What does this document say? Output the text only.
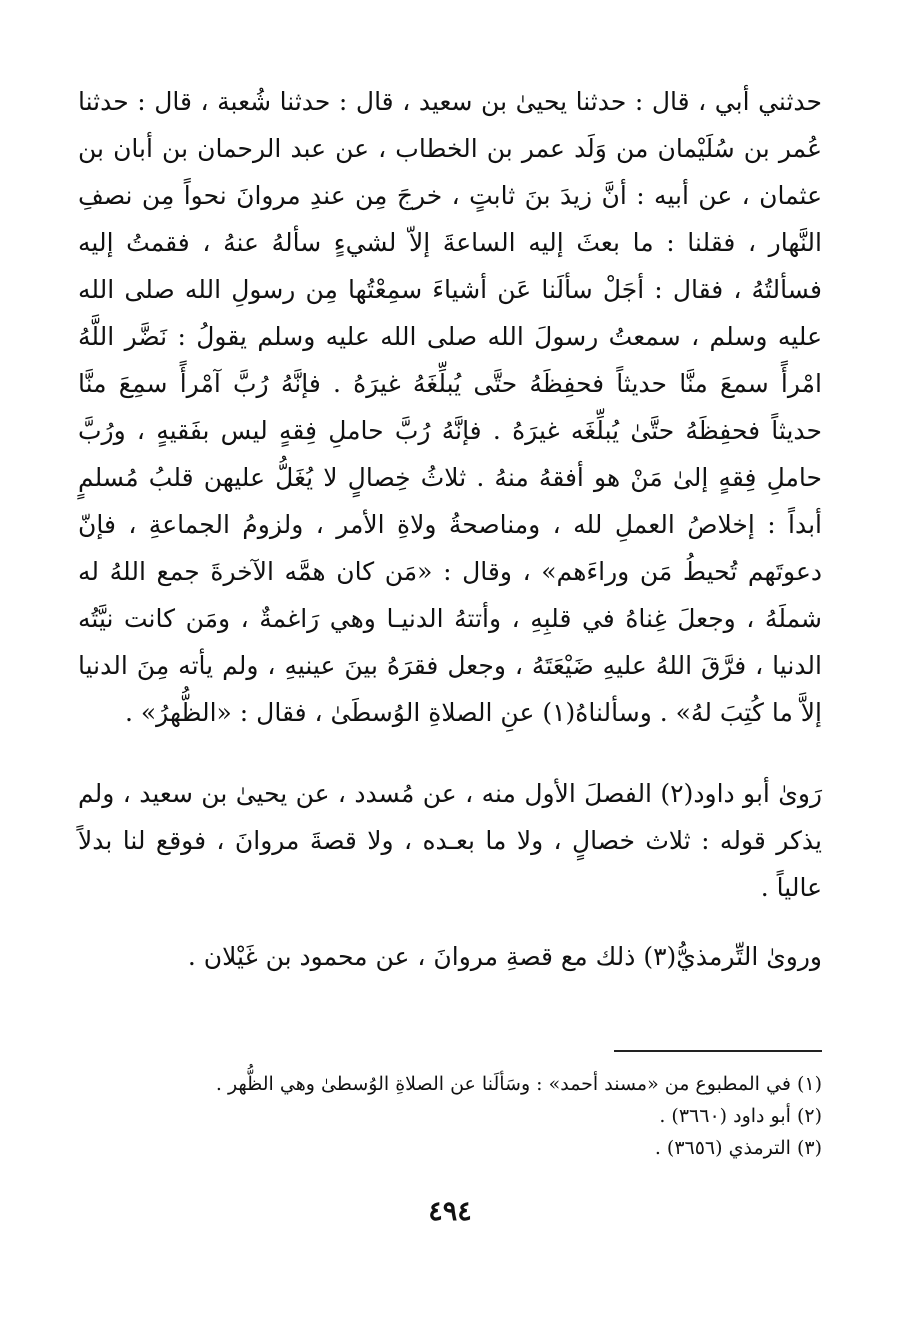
حدثني أبي ، قال : حدثنا يحيىٰ بن سعيد ، قال : حدثنا شُعبة ، قال : حدثنا عُمر بن سُلَيْمان من وَلَد عمر بن الخطاب ، عن عبد الرحمان بن أبان بن عثمان ، عن أبيه : أنَّ زيدَ بنَ ثابتٍ ، خرجَ مِن عندِ مروانَ نحواً مِن نصفِ النَّهار ، فقلنا : ما بعثَ إليه الساعةَ إلاّ لشيءٍ سألهُ عنهُ ، فقمتُ إليه فسألتُهُ ، فقال : أجَلْ سألَنا عَن أشياءَ سمِعْتُها مِن رسولِ الله صلى الله عليه وسلم ، سمعتُ رسولَ الله صلى الله عليه وسلم يقولُ : نَضَّر اللَّهُ امْرأً سمعَ منَّا حديثاً فحفِظَهُ حتَّى يُبلِّغَهُ غيرَهُ . فإنَّهُ رُبَّ آمْرأً سمِعَ منَّا حديثاً فحفِظَهُ حتَّىٰ يُبلِّغَه غيرَهُ . فإنَّهُ رُبَّ حاملِ فِقهٍ ليس بفَقيهٍ ، ورُبَّ حاملِ فِقهٍ إلىٰ مَنْ هو أفقهُ منهُ . ثلاثُ خِصالٍ لا يُغَلُّ عليهن قلبُ مُسلمٍ أبداً : إخلاصُ العملِ لله ، ومناصحةُ ولاةِ الأمر ، ولزومُ الجماعةِ ، فإنّ دعوتَهم تُحيطُ مَن وراءَهم» ، وقال : «مَن كان همَّه الآخرةَ جمع اللهُ له شملَهُ ، وجعلَ غِناهُ في قلبِهِ ، وأتتهُ الدنيـا وهي رَاغمةٌ ، ومَن كانت نيَّتُه الدنيا ، فرَّقَ اللهُ عليهِ ضَيْعَتَهُ ، وجعل فقرَهُ بينَ عينيهِ ، ولم يأته مِنَ الدنيا إلاَّ ما كُتِبَ لهُ» . وسألناهُ(١) عنِ الصلاةِ الوُسطَىٰ ، فقال : «الظُّهرُ» .

رَوىٰ أبو داود(٢) الفصلَ الأول منه ، عن مُسدد ، عن يحيىٰ بن سعيد ، ولم يذكر قوله : ثلاث خصالٍ ، ولا ما بعـده ، ولا قصةَ مروانَ ، فوقع لنا بدلاً عالياً .

وروىٰ التِّرمذيُّ(٣) ذلك مع قصةِ مروانَ ، عن محمود بن غَيْلان .

(١) في المطبوع من «مسند أحمد» : وسَألَنا عن الصلاةِ الوُسطىٰ وهي الظُّهر .
(٢) أبو داود (٣٦٦٠) .
(٣) الترمذي (٣٦٥٦) .
٤٩٤
